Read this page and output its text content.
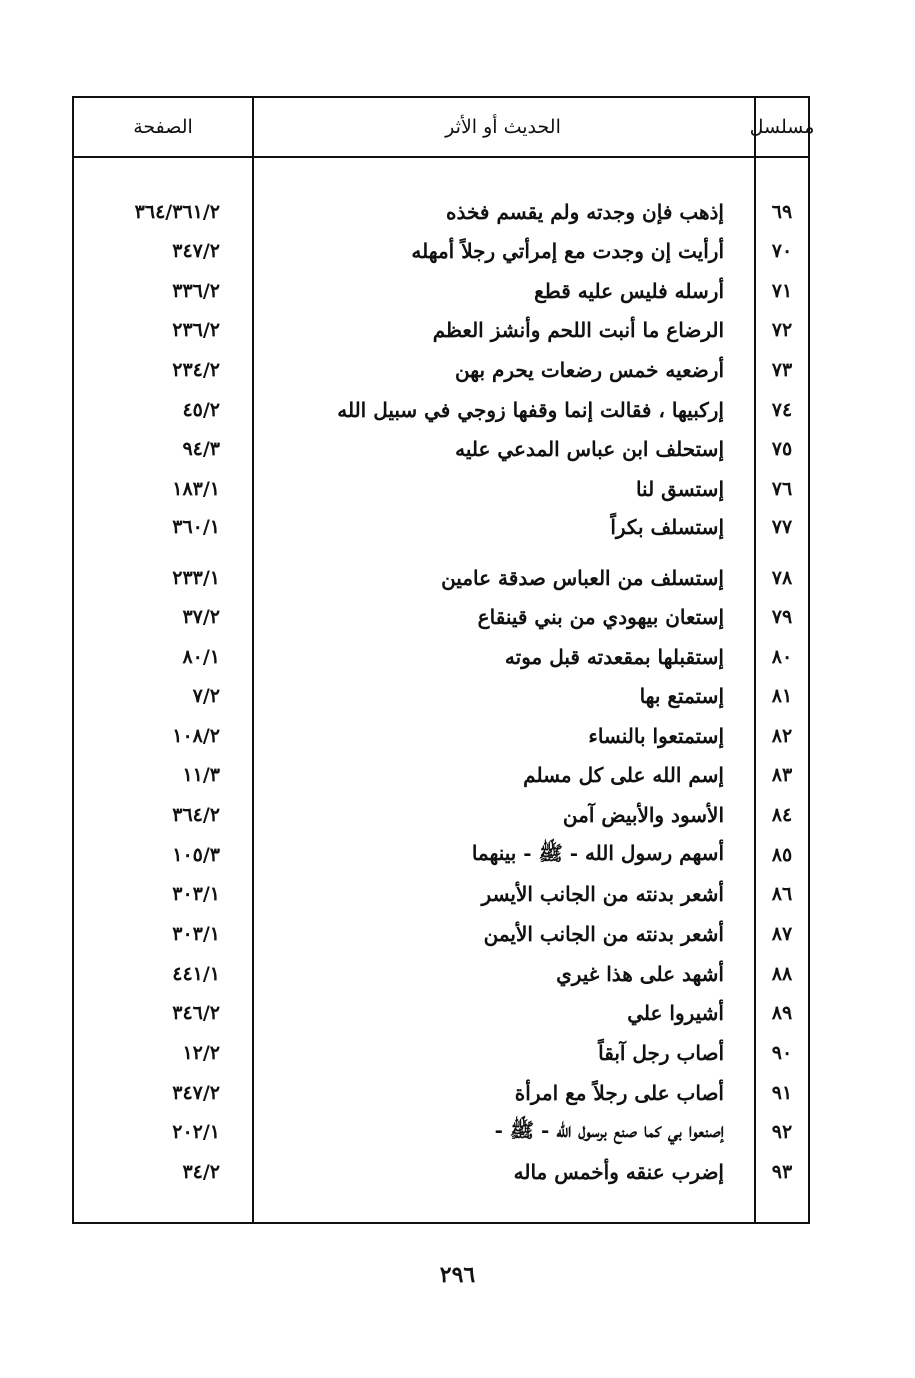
مسلسل
الحديث أو الأثر
الصفحة
٦٩
إذهب فإن وجدته ولم يقسم فخذه
٣٦٤/٣٦١/٢
٧٠
أرأيت إن وجدت مع إمرأتي رجلاً أمهله
٣٤٧/٢
٧١
أرسله فليس عليه قطع
٣٣٦/٢
٧٢
الرضاع ما أنبت اللحم وأنشز العظم
٢٣٦/٢
٧٣
أرضعيه خمس رضعات يحرم بهن
٢٣٤/٢
٧٤
إركبيها ، فقالت إنما وقفها زوجي في سبيل الله
٤٥/٢
٧٥
إستحلف ابن عباس المدعي عليه
٩٤/٣
٧٦
إستسق لنا
١٨٣/١
٧٧
إستسلف بكراً
٣٦٠/١
٧٨
إستسلف من العباس صدقة عامين
٢٣٣/١
٧٩
إستعان بيهودي من بني قينقاع
٣٧/٢
٨٠
إستقبلها بمقعدته قبل موته
٨٠/١
٨١
إستمتع بها
٧/٢
٨٢
إستمتعوا بالنساء
١٠٨/٢
٨٣
إسم الله على كل مسلم
١١/٣
٨٤
الأسود والأبيض آمن
٣٦٤/٢
٨٥
أسهم رسول الله - ﷺ - بينهما
١٠٥/٣
٨٦
أشعر بدنته من الجانب الأيسر
٣٠٣/١
٨٧
أشعر بدنته من الجانب الأيمن
٣٠٣/١
٨٨
أشهد على هذا غيري
٤٤١/١
٨٩
أشيروا علي
٣٤٦/٢
٩٠
أصاب رجل آبقاً
١٢/٢
٩١
أصاب على رجلاً مع امرأة
٣٤٧/٢
٩٢
إصنعوا بي كما صنع برسول الله - ﷺ -
٢٠٢/١
٩٣
إضرب عنقه وأخمس ماله
٣٤/٢
٢٩٦
